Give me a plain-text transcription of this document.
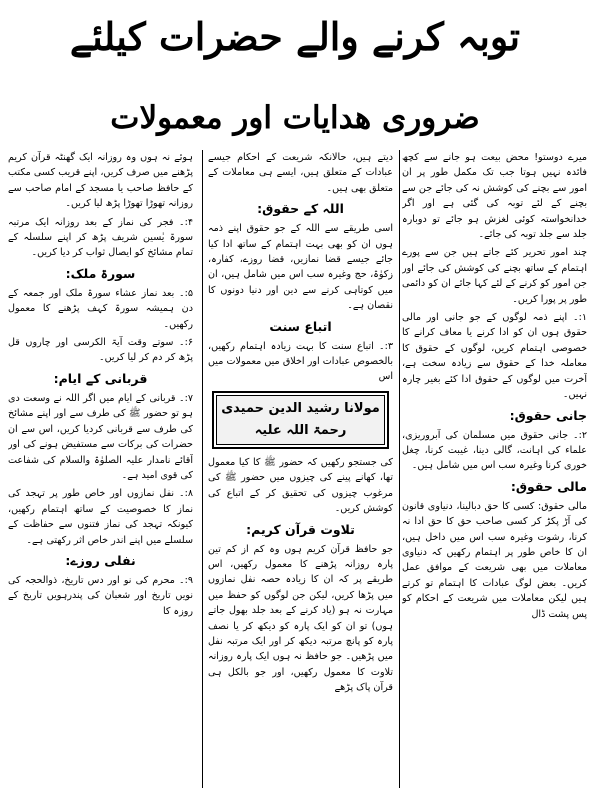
توبہ کرنے والے حضرات کیلئے
ضروری ھدایات اور معمولات

میرے دوستو! محض بیعت ہو جانے سے کچھ فائدہ نہیں ہوتا جب تک مکمل طور پر ان امور سے بچنے کی کوشش نہ کی جائے جن سے بچنے کے لئے توبہ کی گئی ہے اور اگر خدانخواستہ کوئی لغزش ہو جائے تو دوبارہ جلد سے جلد توبہ کی جائے۔

چند امور تحریر کئے جاتے ہیں جن سے پورے اہتمام کے ساتھ بچنے کی کوشش کی جائے اور جن امور کو کرنے کے لئے کہا جائے ان کو دائمی طور پر پورا کریں۔

۱:۔ اپنے ذمہ لوگوں کے جو جانی اور مالی حقوق ہوں ان کو ادا کرنے یا معاف کرانے کا خصوصی اہتمام کریں، لوگوں کے حقوق کا معاملہ خدا کے حقوق سے زیادہ سخت ہے، آخرت میں لوگوں کے حقوق ادا کئے بغیر چارہ نہیں۔

جانی حقوق:

۲:۔ جانی حقوق میں مسلمان کی آبروریزی، علماء کی اہانت، گالی دینا، غیبت کرنا، چغل خوری کرنا وغیرہ سب اس میں شامل ہیں۔

مالی حقوق:

مالی حقوق: کسی کا حق دبالینا، دنیاوی قانون کی آڑ پکڑ کر کسی صاحب حق کا حق ادا نہ کرنا، رشوت وغیرہ سب اس میں داخل ہیں، ان کا خاص طور پر اہتمام رکھیں کہ دنیاوی معاملات میں بھی شریعت کے موافق عمل کریں۔ بعض لوگ عبادات کا اہتمام تو کرتے ہیں لیکن معاملات میں شریعت کے احکام کو پس پشت ڈال

دیتے ہیں، حالانکہ شریعت کے احکام جیسے عبادات کے متعلق ہیں، ایسے ہی معاملات کے متعلق بھی ہیں۔

اللہ کے حقوق:

اسی طریقے سے اللہ کے جو حقوق اپنے ذمہ ہوں ان کو بھی بہت اہتمام کے ساتھ ادا کیا جائے جیسے قضا نمازیں، قضا روزے، کفارہ، زکوٰۃ، حج وغیرہ سب اس میں شامل ہیں، ان میں کوتاہی کرنے سے دین اور دنیا دونوں کا نقصان ہے۔

اتباع سنت

۳:۔ اتباع سنت کا بہت زیادہ اہتمام رکھیں، بالخصوص عبادات اور اخلاق میں معمولات میں اس

مولانا رشید الدین حمیدی رحمۃ اللہ علیہ

کی جستجو رکھیں کہ حضور ﷺ کا کیا معمول تھا، کھانے پینے کی چیزوں میں حضور ﷺ کی مرغوب چیزوں کی تحقیق کر کے اتباع کی کوشش کریں۔

تلاوت قرآن کریم:

جو حافظ قرآن کریم ہوں وہ کم از کم تین پارہ روزانہ پڑھنے کا معمول رکھیں، اس طریقے پر کہ ان کا زیادہ حصہ نفل نمازوں میں پڑھا کریں، لیکن جن لوگوں کو حفظ میں مہارت نہ ہو (یاد کرنے کے بعد جلد بھول جاتے ہوں) تو ان کو ایک پارہ کو دیکھ کر یا نصف پارہ کو پانچ مرتبہ دیکھ کر اور ایک مرتبہ نفل میں پڑھیں۔ جو حافظ نہ ہوں ایک پارہ روزانہ تلاوت کا معمول رکھیں، اور جو بالکل ہی قرآن پاک پڑھے

ہوئے نہ ہوں وہ روزانہ ایک گھنٹہ قرآن کریم پڑھنے میں صرف کریں، اپنے قریب کسی مکتب کے حافظ صاحب یا مسجد کے امام صاحب سے روزانہ تھوڑا تھوڑا پڑھ لیا کریں۔

۴:۔ فجر کی نماز کے بعد روزانہ ایک مرتبہ سورۃ یٰسین شریف پڑھ کر اپنے سلسلہ کے تمام مشائخ کو ایصال ثواب کر دیا کریں۔

سورۃ ملک:

۵:۔ بعد نماز عشاء سورۃ ملک اور جمعہ کے دن ہمیشہ سورۃ کہف پڑھنے کا معمول رکھیں۔

۶:۔ سوتے وقت آیۃ الکرسی اور چاروں قل پڑھ کر دم کر لیا کریں۔

قربانی کے ایام:

۷:۔ قربانی کے ایام میں اگر اللہ نے وسعت دی ہو تو حضور ﷺ کی طرف سے اور اپنے مشائخ کی طرف سے قربانی کردیا کریں، اس سے ان حضرات کی برکات سے مستفیض ہونے کی اور آقائے نامدار علیہ الصلوٰۃ والسلام کی شفاعت کی قوی امید ہے۔

۸:۔ نفل نمازوں اور خاص طور پر تہجد کی نماز کا خصوصیت کے ساتھ اہتمام رکھیں، کیونکہ تہجد کی نماز فتنوں سے حفاظت کے سلسلے میں اپنے اندر خاص اثر رکھتی ہے۔

نفلی روزے:

۹:۔ محرم کی نو اور دس تاریخ، ذوالحجہ کی نویں تاریخ اور شعبان کی پندرہویں تاریخ کے روزہ کا
